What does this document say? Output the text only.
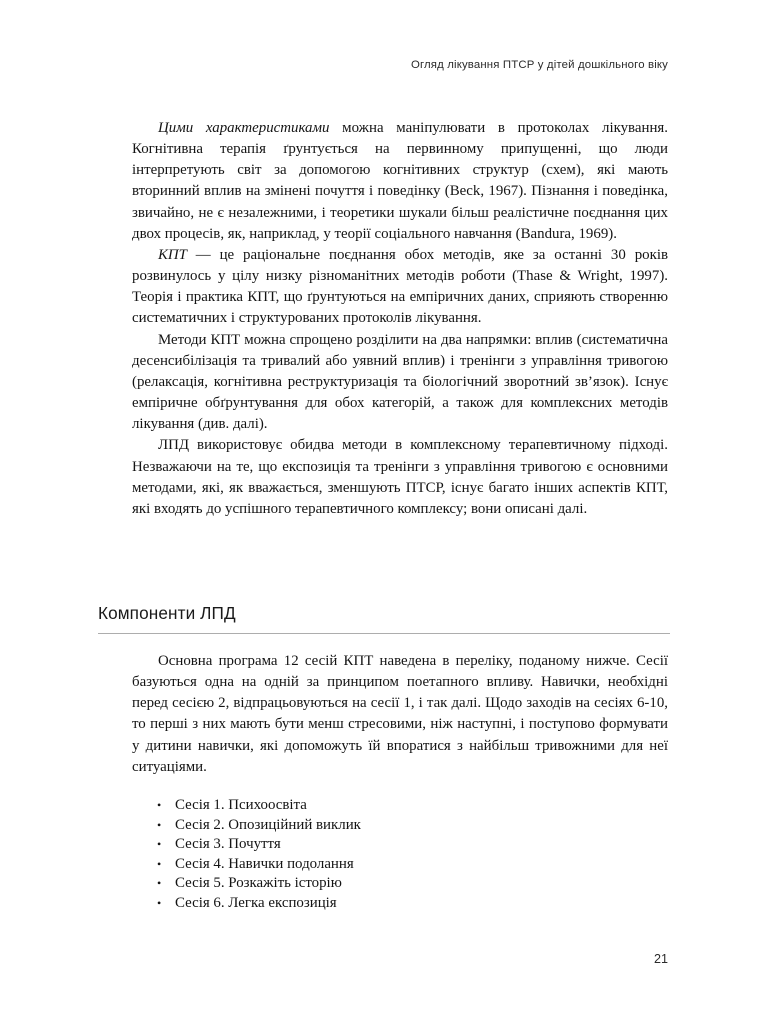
Огляд лікування ПТСР у дітей дошкільного віку

Цими характеристиками можна маніпулювати в протоколах лікування. Когнітивна терапія ґрунтується на первинному припущенні, що люди інтерпретують світ за допомогою когнітивних структур (схем), які мають вторинний вплив на змінені почуття і поведінку (Beck, 1967). Пізнання і поведінка, звичайно, не є незалежними, і теоретики шукали більш реалістичне поєднання цих двох процесів, як, наприклад, у теорії соціального навчання (Bandura, 1969).

КПТ — це раціональне поєднання обох методів, яке за останні 30 років розвинулось у цілу низку різноманітних методів роботи (Thase & Wright, 1997). Теорія і практика КПТ, що ґрунтуються на емпіричних даних, сприяють створенню систематичних і структурованих протоколів лікування.

Методи КПТ можна спрощено розділити на два напрямки: вплив (систематична десенсибілізація та тривалий або уявний вплив) і тренінги з управління тривогою (релаксація, когнітивна реструктуризація та біологічний зворотний зв’язок). Існує емпіричне обґрунтування для обох категорій, а також для комплексних методів лікування (див. далі).

ЛПД використовує обидва методи в комплексному терапевтичному підході. Незважаючи на те, що експозиція та тренінги з управління тривогою є основними методами, які, як вважається, зменшують ПТСР, існує багато інших аспектів КПТ, які входять до успішного терапевтичного комплексу; вони описані далі.

Компоненти ЛПД

Основна програма 12 сесій КПТ наведена в переліку, поданому нижче. Сесії базуються одна на одній за принципом поетапного впливу. Навички, необхідні перед сесією 2, відпрацьовуються на сесії 1, і так далі. Щодо заходів на сесіях 6-10, то перші з них мають бути менш стресовими, ніж наступні, і поступово формувати у дитини навички, які допоможуть їй впоратися з найбільш тривожними для неї ситуаціями.

• Сесія 1. Психоосвіта
• Сесія 2. Опозиційний виклик
• Сесія 3. Почуття
• Сесія 4. Навички подолання
• Сесія 5. Розкажіть історію
• Сесія 6. Легка експозиція
21
